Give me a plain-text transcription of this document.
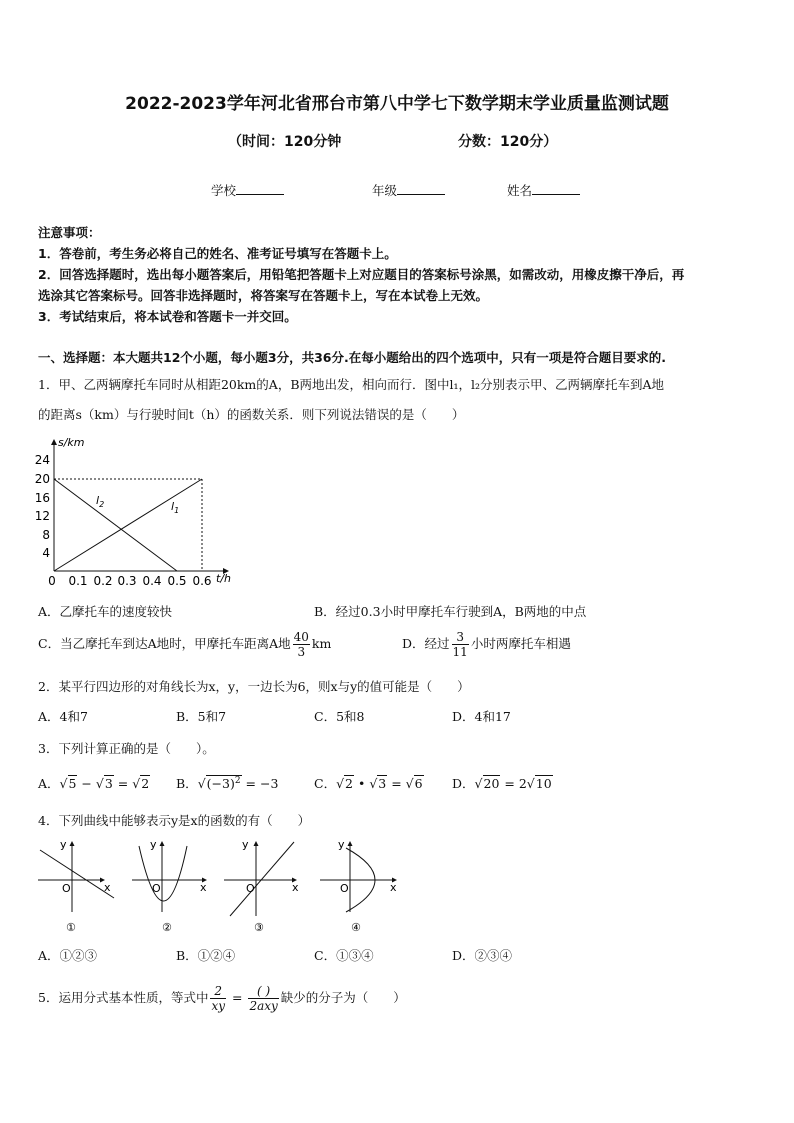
2022-2023学年河北省邢台市第八中学七下数学期末学业质量监测试题
（时间：120分钟	分数：120分）
学校	年级	姓名
注意事项：
1．答卷前，考生务必将自己的姓名、准考证号填写在答题卡上。
2．回答选择题时，选出每小题答案后，用铅笔把答题卡上对应题目的答案标号涂黑，如需改动，用橡皮擦干净后，再
选涂其它答案标号。回答非选择题时，将答案写在答题卡上，写在本试卷上无效。
3．考试结束后，将本试卷和答题卡一并交回。
一、选择题：本大题共12个小题，每小题3分，共36分.在每小题给出的四个选项中，只有一项是符合题目要求的.
1．甲、乙两辆摩托车同时从相距20km的A，B两地出发，相向而行．图中l₁，l₂分别表示甲、乙两辆摩托车到A地
的距离s（km）与行驶时间t（h）的函数关系．则下列说法错误的是（　　）
s/km
t/h
24
20
16
12
8
4
0 0.1 0.2 0.3 0.4 0.5 0.6
$l_2$	$l_1$
A．乙摩托车的速度较快	B．经过0.3小时甲摩托车行驶到A，B两地的中点
C．当乙摩托车到达A地时，甲摩托车距离A地 $\frac{40}{3}$ km	D．经过 $\frac{3}{11}$ 小时两摩托车相遇
2．某平行四边形的对角线长为x，y，一边长为6，则x与y的值可能是（　　）
A．4和7	B．5和7	C．5和8	D．4和17
3．下列计算正确的是（　　）。
A．√5 − √3 = √2 B．$√(-3)^2 = -3$	C．√2 • √3 = √6 D．√20 = 2√10
4．下列曲线中能够表示y是x的函数的有（　　）
y
x
O
①
y
x
O
②
y
x
O
③
y
x
O
④
A．①②③	B．①②④	C．①③④	D．②③④
5．运用分式基本性质，等式中 $\frac{2}{xy} = \frac{( )}{\text{2axy}}$ 缺少的分子为（　　）
